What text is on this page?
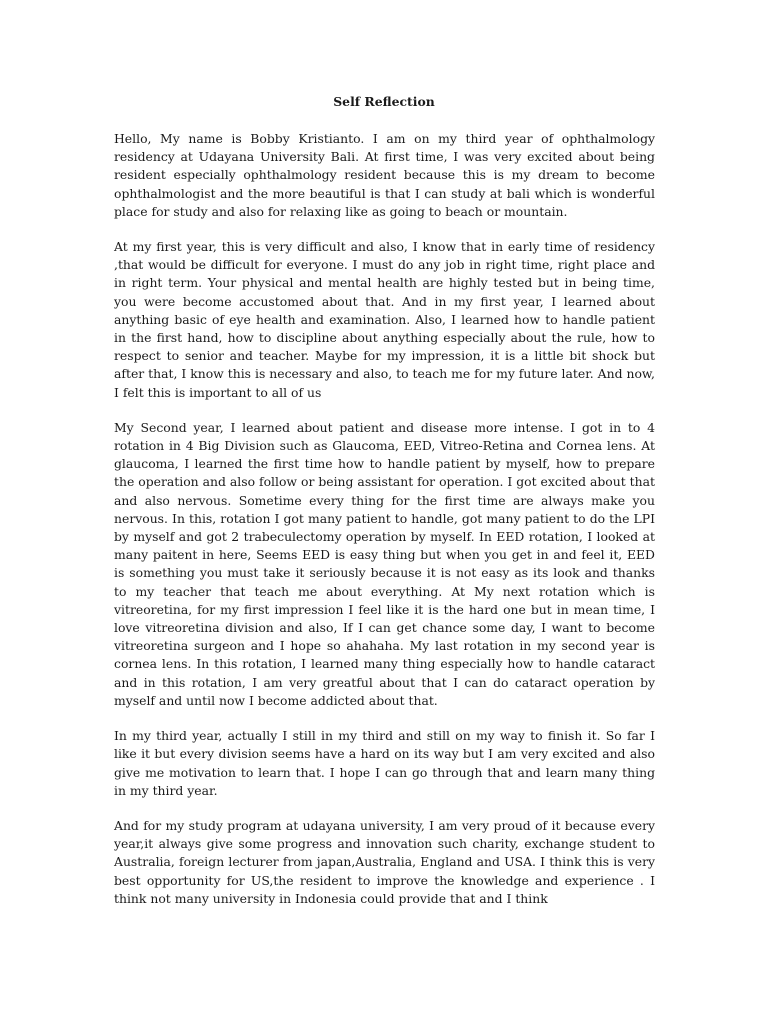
Self Reflection

Hello, My name is Bobby Kristianto. I am on my third year of ophthalmology residency at Udayana University Bali. At first time, I was very excited about being resident especially ophthalmology resident because this is my dream to become ophthalmologist and the more beautiful is that I can study at bali which is wonderful place for study and also for relaxing like as going to beach or mountain.

At my first year, this is very difficult and also, I know that in early time of residency ,that would be difficult for everyone. I must do any job in right time, right place and in right term. Your physical and mental health are highly tested but in being time, you were become accustomed about that. And in my first year, I learned about anything basic of eye health and examination. Also, I learned how to handle patient in the first hand, how to discipline about anything especially about the rule, how to respect to senior and teacher. Maybe for my impression, it is a little bit shock but after that, I know this is necessary and also, to teach me for my future later. And now, I felt this is important to all of us

My Second year, I learned about patient and disease more intense. I got in to 4 rotation in 4 Big Division such as Glaucoma, EED, Vitreo-Retina and Cornea lens. At glaucoma, I learned the first time how to handle patient by myself, how to prepare the operation and also follow or being assistant for operation. I got excited about that and also nervous. Sometime every thing for the first time are always make you nervous. In this, rotation I got many patient to handle, got many patient to do the LPI by myself and got 2 trabeculectomy operation by myself. In EED rotation, I looked at many paitent in here, Seems EED is easy thing but when you get in and feel it, EED is something you must take it seriously because it is not easy as its look and thanks to my teacher that teach me about everything. At My next rotation which is vitreoretina, for my first impression I feel like it is the hard one but in mean time, I love vitreoretina division and also, If I can get chance some day, I want to become vitreoretina surgeon and I hope so ahahaha. My last rotation in my second year is cornea lens. In this rotation, I learned many thing especially how to handle cataract and in this rotation, I am very greatful about that I can do cataract operation by myself and until now I become addicted about that.

In my third year, actually I still in my third and still on my way to finish it. So far I like it but every division seems have a hard on its way but I am very excited and also give me motivation to learn that. I hope I can go through that and learn many thing in my third year.

And for my study program at udayana university, I am very proud of it because every year,it always give some progress and innovation such charity, exchange student to Australia, foreign lecturer from japan,Australia, England and USA. I think this is very best opportunity for US,the resident to improve the knowledge and experience . I think not many university in Indonesia could provide that and I think
